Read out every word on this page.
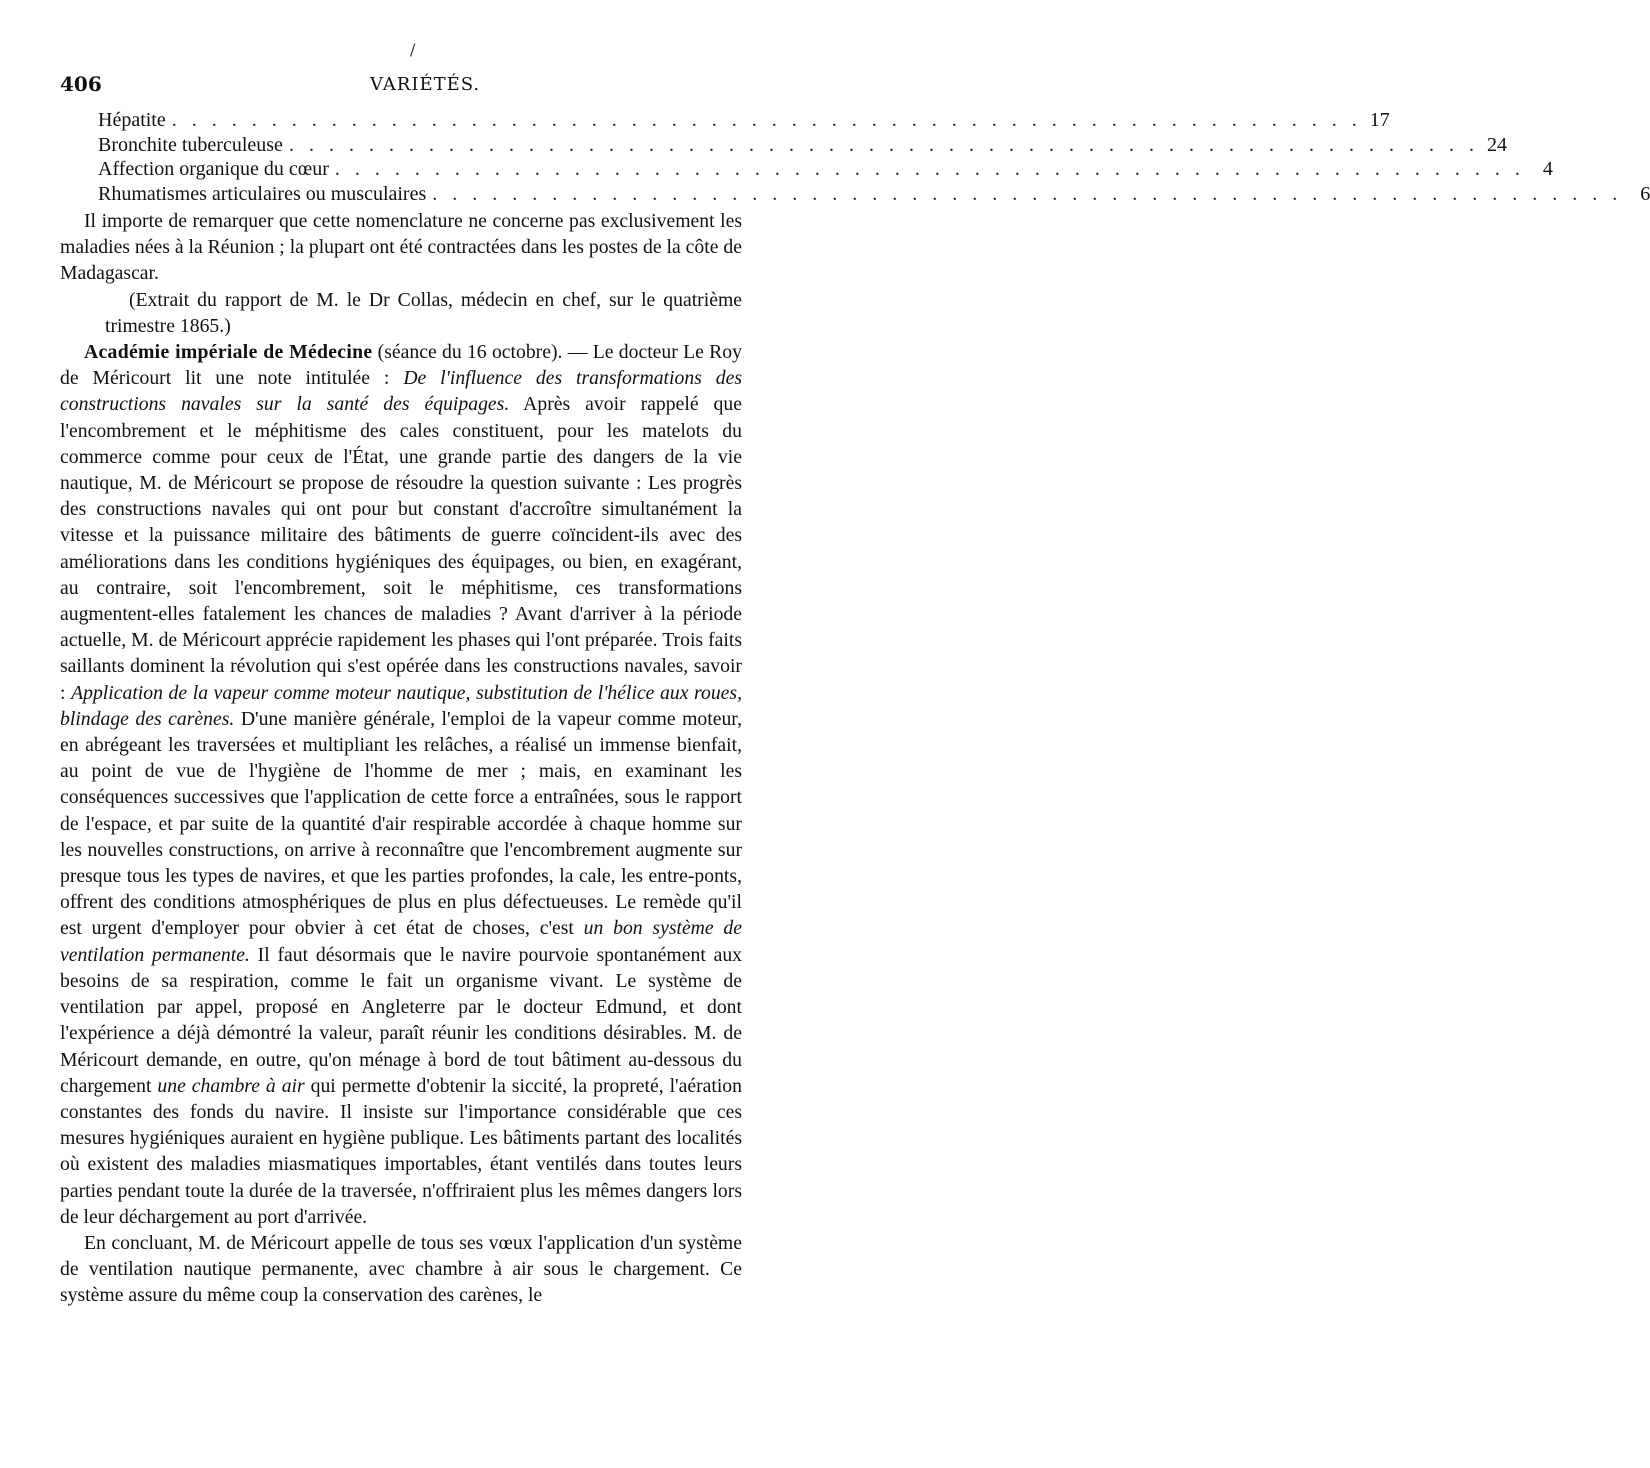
/
406	VARIÉTÉS.
Hépatite . . . . . . . . . . . . . . . . . . . . . . . . . . . . . . . . . . . . . . . . . . . . . . . . . . . . . . . . . . . . 17
Bronchite tuberculeuse . . . . . . . . . . . . . . . . . . . . . . . . . . . . . . . . . . . . . . . . . . . . . . . . . . . . . . . . . . . . 24
Affection organique du cœur . . . . . . . . . . . . . . . . . . . . . . . . . . . . . . . . . . . . . . . . . . . . . . . . . . . . . . . . . . . . 4
Rhumatismes articulaires ou musculaires . . . . . . . . . . . . . . . . . . . . . . . . . . . . . . . . . . . . . . . . . . . . . . . . . . . . . . . . . . . . 6

Il importe de remarquer que cette nomenclature ne concerne pas exclusivement les maladies nées à la Réunion ; la plupart ont été contractées dans les postes de la côte de Madagascar.

(Extrait du rapport de M. le Dr Collas, médecin en chef, sur le quatrième trimestre 1865.)

Académie impériale de Médecine (séance du 16 octobre). — Le docteur Le Roy de Méricourt lit une note intitulée : De l'influence des transformations des constructions navales sur la santé des équipages. Après avoir rappelé que l'encombrement et le méphitisme des cales constituent, pour les matelots du commerce comme pour ceux de l'État, une grande partie des dangers de la vie nautique, M. de Méricourt se propose de résoudre la question suivante : Les progrès des constructions navales qui ont pour but constant d'accroître simultanément la vitesse et la puissance militaire des bâtiments de guerre coïncident-ils avec des améliorations dans les conditions hygiéniques des équipages, ou bien, en exagérant, au contraire, soit l'encombrement, soit le méphitisme, ces transformations augmentent-elles fatalement les chances de maladies ? Avant d'arriver à la période actuelle, M. de Méricourt apprécie rapidement les phases qui l'ont préparée. Trois faits saillants dominent la révolution qui s'est opérée dans les constructions navales, savoir : Application de la vapeur comme moteur nautique, substitution de l'hélice aux roues, blindage des carènes. D'une manière générale, l'emploi de la vapeur comme moteur, en abrégeant les traversées et multipliant les relâches, a réalisé un immense bienfait, au point de vue de l'hygiène de l'homme de mer ; mais, en examinant les conséquences successives que l'application de cette force a entraînées, sous le rapport de l'espace, et par suite de la quantité d'air respirable accordée à chaque homme sur les nouvelles constructions, on arrive à reconnaître que l'encombrement augmente sur presque tous les types de navires, et que les parties profondes, la cale, les entre-ponts, offrent des conditions atmosphériques de plus en plus défectueuses. Le remède qu'il est urgent d'employer pour obvier à cet état de choses, c'est un bon système de ventilation permanente. Il faut désormais que le navire pourvoie spontanément aux besoins de sa respiration, comme le fait un organisme vivant. Le système de ventilation par appel, proposé en Angleterre par le docteur Edmund, et dont l'expérience a déjà démontré la valeur, paraît réunir les conditions désirables. M. de Méricourt demande, en outre, qu'on ménage à bord de tout bâtiment au-dessous du chargement une chambre à air qui permette d'obtenir la siccité, la propreté, l'aération constantes des fonds du navire. Il insiste sur l'importance considérable que ces mesures hygiéniques auraient en hygiène publique. Les bâtiments partant des localités où existent des maladies miasmatiques importables, étant ventilés dans toutes leurs parties pendant toute la durée de la traversée, n'offriraient plus les mêmes dangers lors de leur déchargement au port d'arrivée.

En concluant, M. de Méricourt appelle de tous ses vœux l'application d'un système de ventilation nautique permanente, avec chambre à air sous le chargement. Ce système assure du même coup la conservation des carènes, le
